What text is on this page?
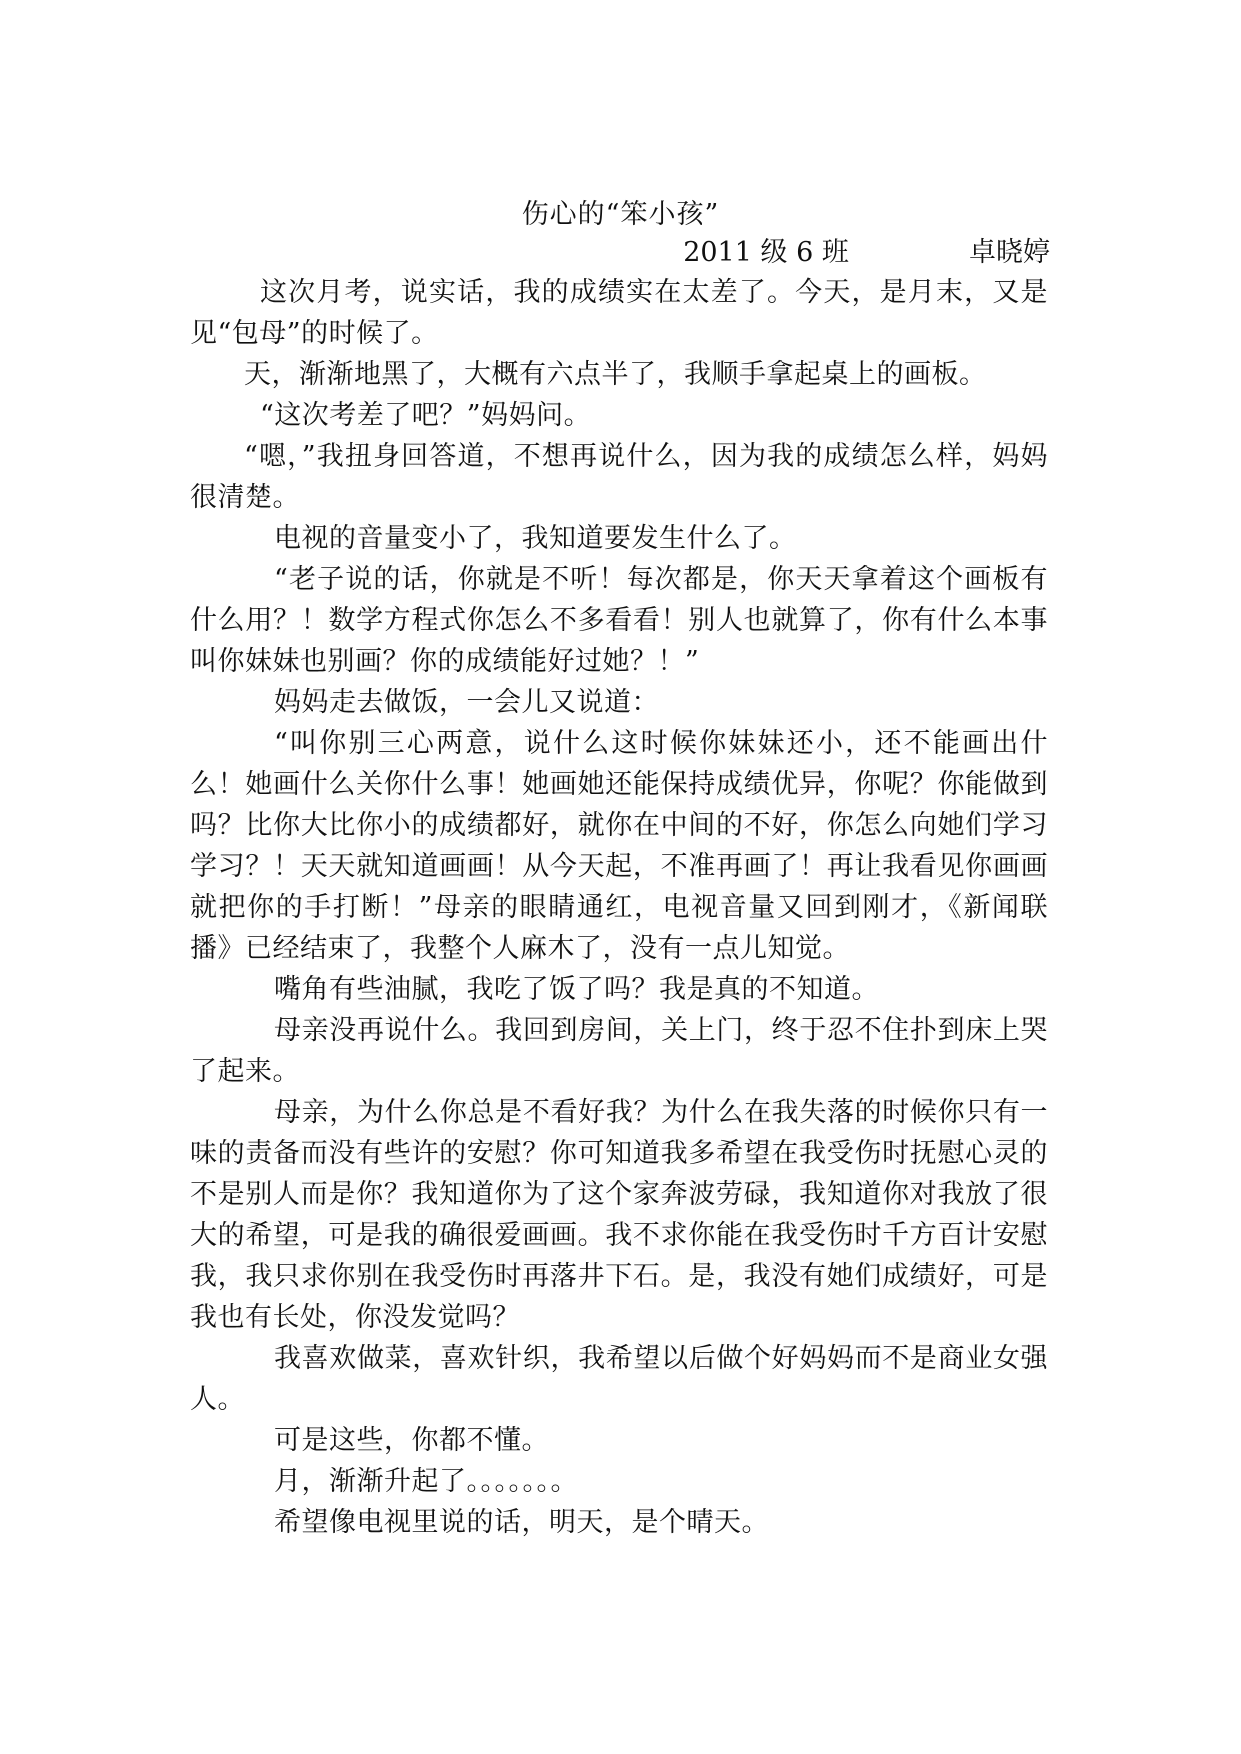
伤心的“笨小孩”
2011 级 6 班	卓晓婷

这次月考，说实话，我的成绩实在太差了。今天，是月末，又是见“包母”的时候了。

天，渐渐地黑了，大概有六点半了，我顺手拿起桌上的画板。

“这次考差了吧？”妈妈问。

“嗯，”我扭身回答道，不想再说什么，因为我的成绩怎么样，妈妈很清楚。

电视的音量变小了，我知道要发生什么了。

“老子说的话，你就是不听！每次都是，你天天拿着这个画板有什么用？！数学方程式你怎么不多看看！别人也就算了，你有什么本事叫你妹妹也别画？你的成绩能好过她？！”

妈妈走去做饭，一会儿又说道：

“叫你别三心两意，说什么这时候你妹妹还小，还不能画出什么！她画什么关你什么事！她画她还能保持成绩优异，你呢？你能做到吗？比你大比你小的成绩都好，就你在中间的不好，你怎么向她们学习学习？！天天就知道画画！从今天起，不准再画了！再让我看见你画画就把你的手打断！”母亲的眼睛通红，电视音量又回到刚才，《新闻联播》已经结束了，我整个人麻木了，没有一点儿知觉。

嘴角有些油腻，我吃了饭了吗？我是真的不知道。

母亲没再说什么。我回到房间，关上门，终于忍不住扑到床上哭了起来。

母亲，为什么你总是不看好我？为什么在我失落的时候你只有一味的责备而没有些许的安慰？你可知道我多希望在我受伤时抚慰心灵的不是别人而是你？我知道你为了这个家奔波劳碌，我知道你对我放了很大的希望，可是我的确很爱画画。我不求你能在我受伤时千方百计安慰我，我只求你别在我受伤时再落井下石。是，我没有她们成绩好，可是我也有长处，你没发觉吗？

我喜欢做菜，喜欢针织，我希望以后做个好妈妈而不是商业女强人。

可是这些，你都不懂。

月，渐渐升起了。。。。。。。

希望像电视里说的话，明天，是个晴天。
